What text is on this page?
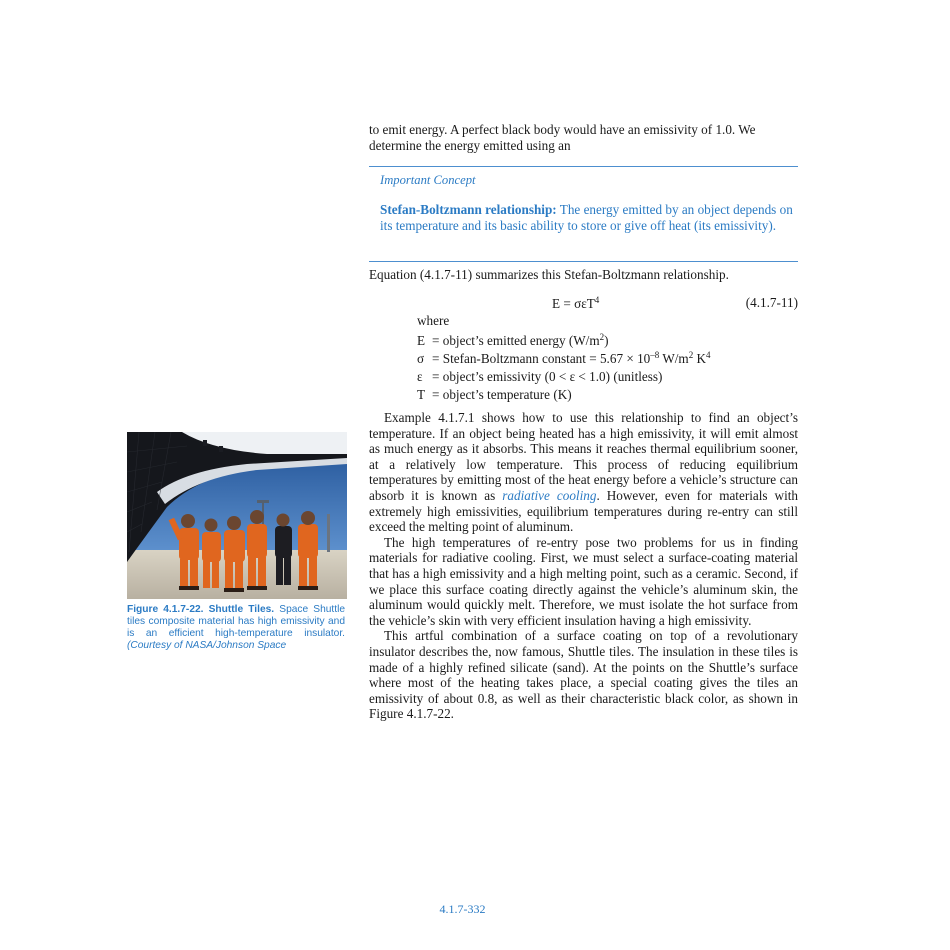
to emit energy. A perfect black body would have an emissivity of 1.0. We determine the energy emitted using an
Important Concept
Stefan-Boltzmann relationship: The energy emitted by an object depends on its temperature and its basic ability to store or give off heat (its emissivity).
Equation (4.1.7-11) summarizes this Stefan-Boltzmann relationship.
E = σεT$^4$	(4.1.7-11)
where
E = object’s emitted energy $(W/m^2)$
σ = Stefan-Boltzmann constant = $5.67 \times 10^{-8}$ $W/m^2$ $K^4$
ε = object’s emissivity (0 < ε < 1.0) (unitless)
T = object’s temperature (K)

Example 4.1.7.1 shows how to use this relationship to find an object’s temperature. If an object being heated has a high emissivity, it will emit almost as much energy as it absorbs. This means it reaches thermal equilibrium sooner, at a relatively low temperature. This process of reducing equilibrium temperatures by emitting most of the heat energy before a vehicle’s structure can absorb it is known as radiative cooling. However, even for materials with extremely high emissivities, equilibrium temperatures during re-entry can still exceed the melting point of aluminum.

The high temperatures of re-entry pose two problems for us in finding materials for radiative cooling. First, we must select a surface-coating material that has a high emissivity and a high melting point, such as a ceramic. Second, if we place this surface coating directly against the vehicle’s aluminum skin, the aluminum would quickly melt. Therefore, we must isolate the hot surface from the vehicle’s skin with very efficient insulation having a high emissivity.

This artful combination of a surface coating on top of a revolutionary insulator describes the, now famous, Shuttle tiles. The insulation in these tiles is made of a highly refined silicate (sand). At the points on the Shuttle’s surface where most of the heating takes place, a special coating gives the tiles an emissivity of about 0.8, as well as their characteristic black color, as shown in Figure 4.1.7-22.

Figure 4.1.7-22. Shuttle Tiles. Space Shuttle tiles composite material has high emissivity and is an efficient high-temperature insulator. (Courtesy of NASA/Johnson Space
4.1.7-332
